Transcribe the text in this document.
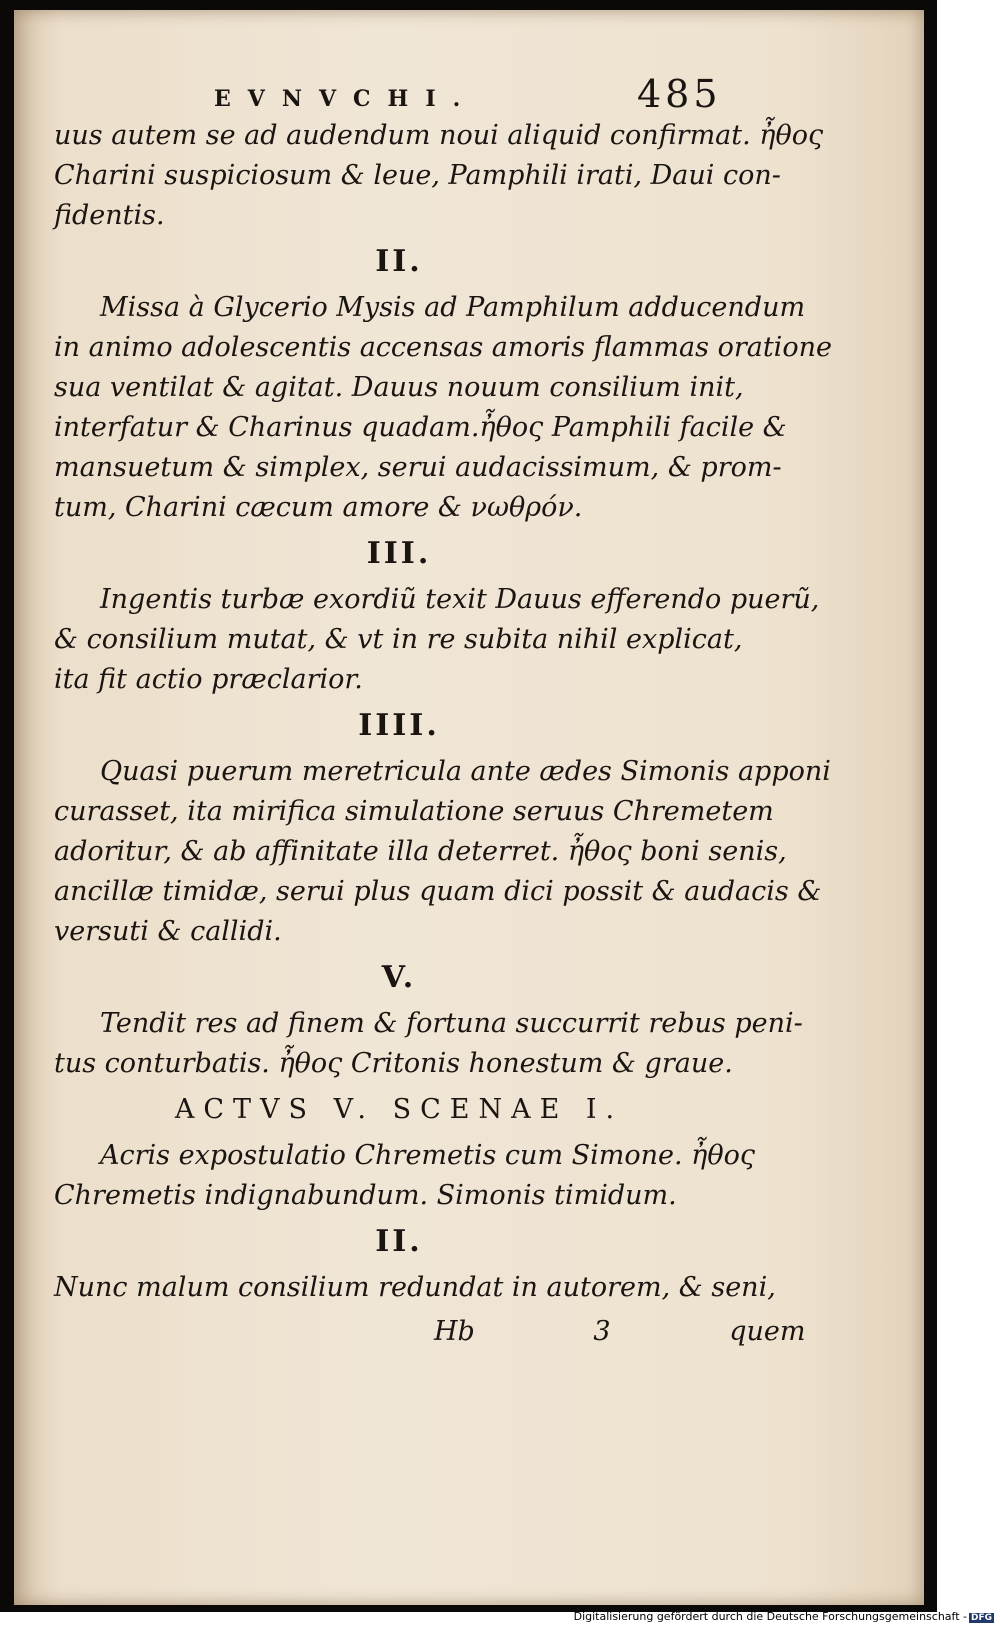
EVNVCHI.	485
uus autem se ad audendum noui aliquid confirmat. ἦθος
Charini suspiciosum & leue, Pamphili irati, Daui con-
fidentis.
II.
Missa à Glycerio Mysis ad Pamphilum adducendum
in animo adolescentis accensas amoris flammas oratione
sua ventilat & agitat. Dauus nouum consilium init,
interfatur & Charinus quadam.ἦθος Pamphili facile &
mansuetum & simplex, serui audacissimum, & prom-
tum, Charini cæcum amore & νωθρόν.
III.
Ingentis turbæ exordiũ texit Dauus efferendo puerũ,
& consilium mutat, & vt in re subita nihil explicat,
ita fit actio præclarior.
IIII.
Quasi puerum meretricula ante ædes Simonis apponi
curasset, ita mirifica simulatione seruus Chremetem
adoritur, & ab affinitate illa deterret. ἦθος boni senis,
ancillæ timidæ, serui plus quam dici possit & audacis &
versuti & callidi.
V.
Tendit res ad finem & fortuna succurrit rebus peni-
tus conturbatis. ἦθος Critonis honestum & graue.
ACTVS V. SCENAE I.
Acris expostulatio Chremetis cum Simone. ἦθος
Chremetis indignabundum. Simonis timidum.
II.
Nunc malum consilium redundat in autorem, & seni,
Hb 3	quem
Digitalisierung gefördert durch die Deutsche Forschungsgemeinschaft - DFG
